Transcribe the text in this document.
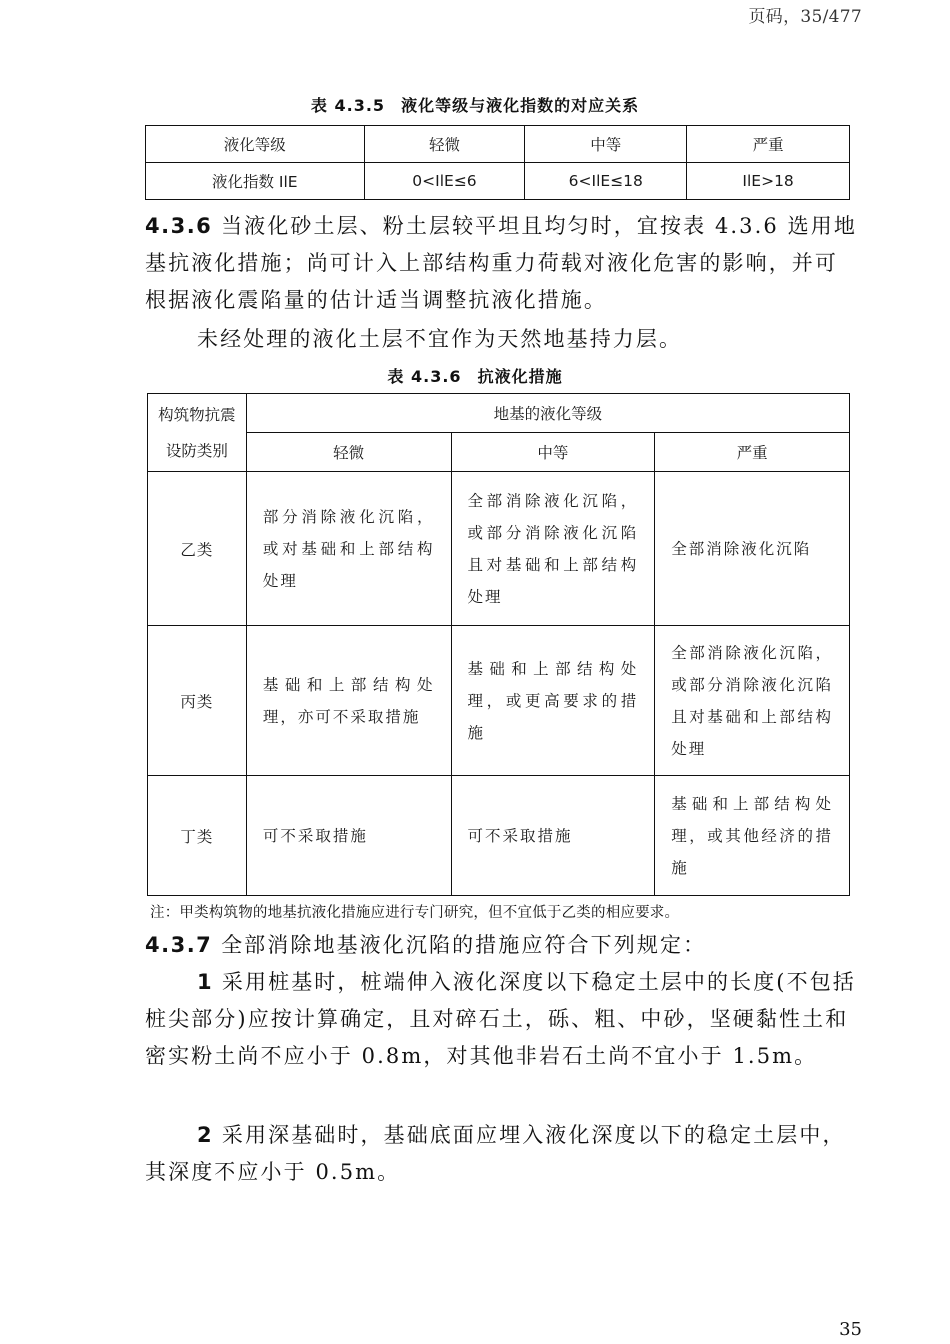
页码，35/477
表 4.3.5 液化等级与液化指数的对应关系
液化等级	轻微	中等	严重
液化指数 IlE	0<IlE≤6	6<IlE≤18	IlE>18
4.3.6 当液化砂土层、粉土层较平坦且均匀时，宜按表 4.3.6 选用地基抗液化措施；尚可计入上部结构重力荷载对液化危害的影响，并可根据液化震陷量的估计适当调整抗液化措施。
未经处理的液化土层不宜作为天然地基持力层。
表 4.3.6 抗液化措施
构筑物抗震设防类别	地基的液化等级		
	轻微	中等	严重
乙类	部分消除液化沉陷，或对基础和上部结构处理	全部消除液化沉陷，或部分消除液化沉陷且对基础和上部结构处理	全部消除液化沉陷
丙类	基础和上部结构处理，亦可不采取措施	基础和上部结构处理，或更高要求的措施	全部消除液化沉陷，或部分消除液化沉陷且对基础和上部结构处理
丁类	可不采取措施	可不采取措施	基础和上部结构处理，或其他经济的措施
注：甲类构筑物的地基抗液化措施应进行专门研究，但不宜低于乙类的相应要求。
4.3.7 全部消除地基液化沉陷的措施应符合下列规定：
1 采用桩基时，桩端伸入液化深度以下稳定土层中的长度(不包括桩尖部分)应按计算确定，且对碎石土，砾、粗、中砂，坚硬黏性土和密实粉土尚不应小于 0.8m，对其他非岩石土尚不宜小于 1.5m。
2 采用深基础时，基础底面应埋入液化深度以下的稳定土层中，其深度不应小于 0.5m。
35
